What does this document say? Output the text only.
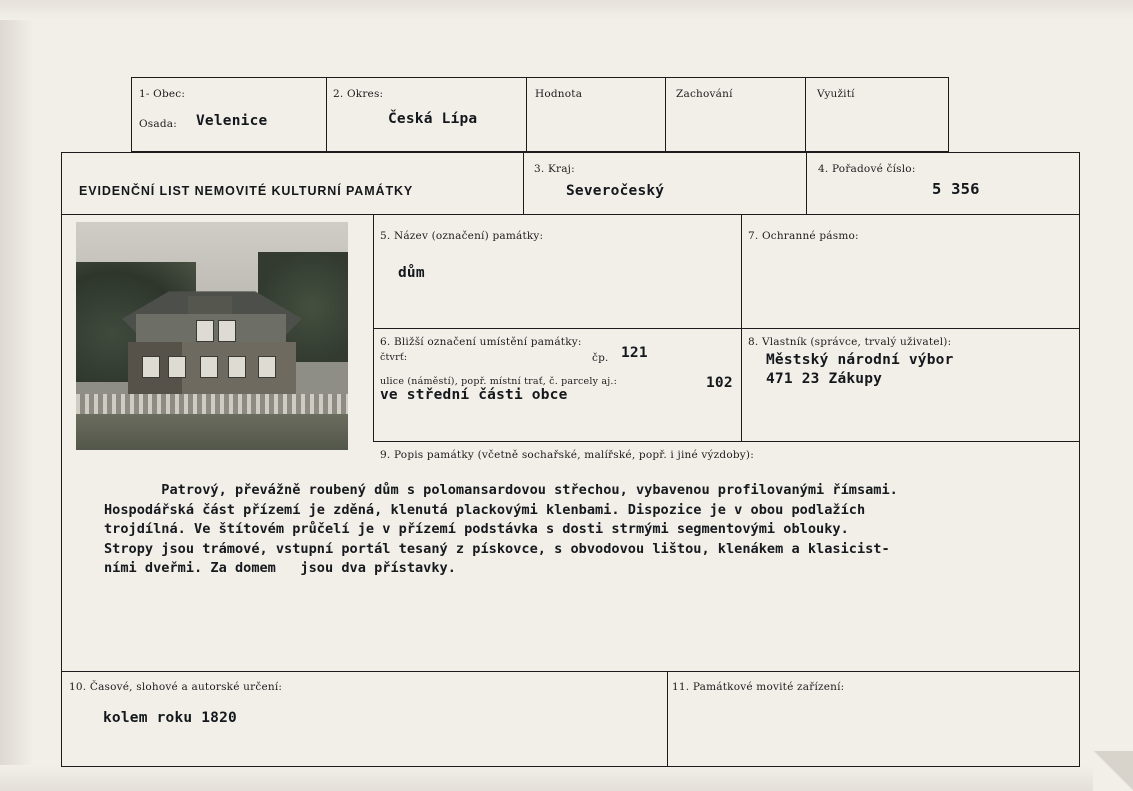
1- Obec:
Osada: Velenice
2. Okres:
Česká Lípa
Hodnota	Zachování	Využití
EVIDENČNÍ LIST NEMOVITÉ KULTURNÍ PAMÁTKY
3. Kraj:
Severočeský
4. Pořadové číslo:
5 356
5. Název (označení) památky:
dům
7. Ochranné pásmo:
6. Bližší označení umístění památky:
čtvrť:	čp. 121
ulice (náměstí), popř. místní trať, č. parcely aj.:
ve střední části obce
102
8. Vlastník (správce, trvalý uživatel):
Městský národní výbor
471 23 Zákupy
9. Popis památky (včetně sochařské, malířské, popř. i jiné výzdoby):
Patrový, převážně roubený dům s polomansardovou střechou, vybavenou profilovanými římsami.
Hospodářská část přízemí je zděná, klenutá plackovými klenbami. Dispozice je v obou podlažích
trojdílná. Ve štítovém průčelí je v přízemí podstávka s dosti strmými segmentovými oblouky.
Stropy jsou trámové, vstupní portál tesaný z pískovce, s obvodovou lištou, klenákem a klasicist-
ními dveřmi. Za domem   jsou dva přístavky.
10. Časové, slohové a autorské určení:
kolem roku 1820
11. Památkové movité zařízení:
